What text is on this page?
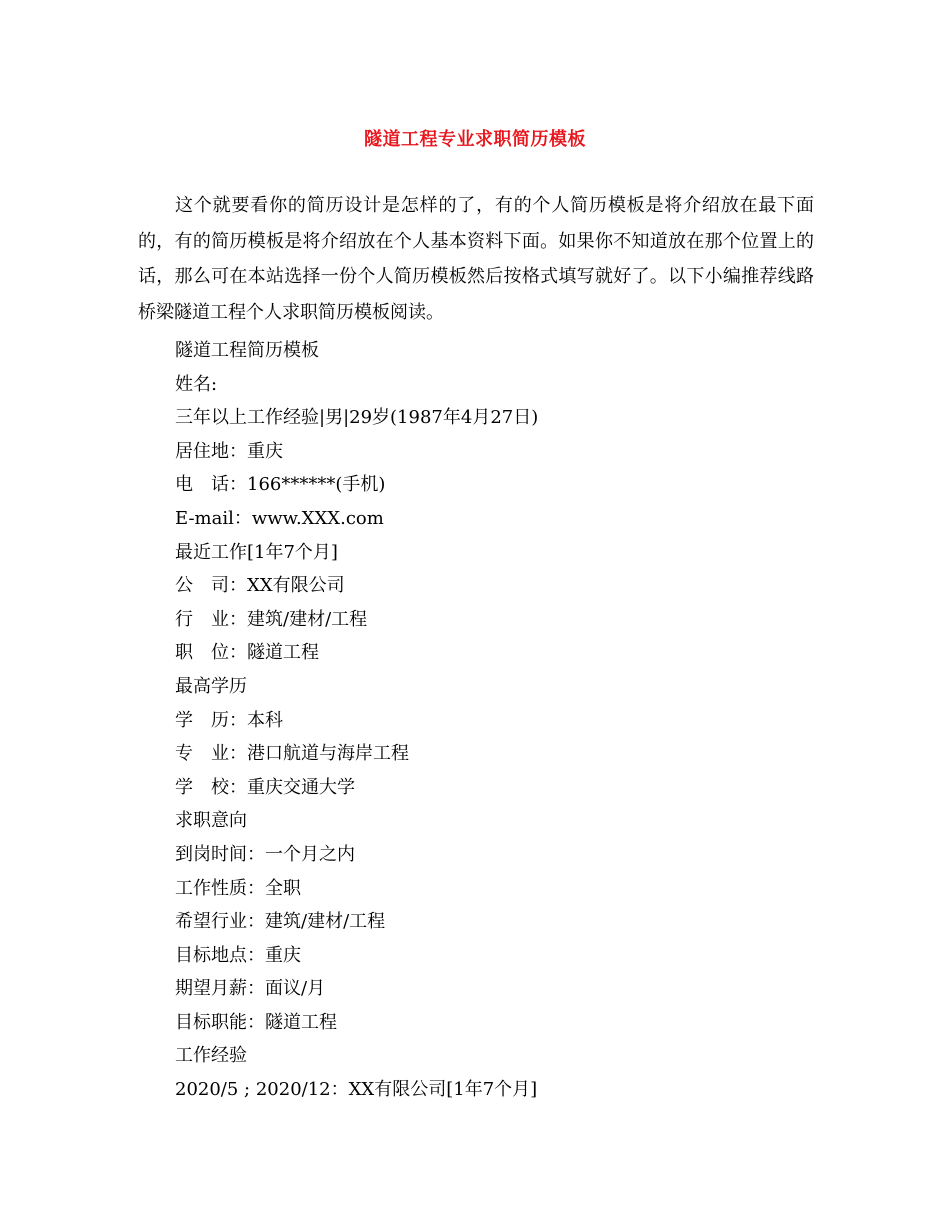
隧道工程专业求职简历模板

这个就要看你的简历设计是怎样的了，有的个人简历模板是将介绍放在最下面的，有的简历模板是将介绍放在个人基本资料下面。如果你不知道放在那个位置上的话，那么可在本站选择一份个人简历模板然后按格式填写就好了。以下小编推荐线路桥梁隧道工程个人求职简历模板阅读。

隧道工程简历模板
姓名:
三年以上工作经验|男|29岁(1987年4月27日)
居住地：重庆
电　话：166******(手机)
E-mail：www.XXX.com
最近工作[1年7个月]
公　司：XX有限公司
行　业：建筑/建材/工程
职　位：隧道工程
最高学历
学　历：本科
专　业：港口航道与海岸工程
学　校：重庆交通大学
求职意向
到岗时间：一个月之内
工作性质：全职
希望行业：建筑/建材/工程
目标地点：重庆
期望月薪：面议/月
目标职能：隧道工程
工作经验
2020/5 ; 2020/12：XX有限公司[1年7个月]
